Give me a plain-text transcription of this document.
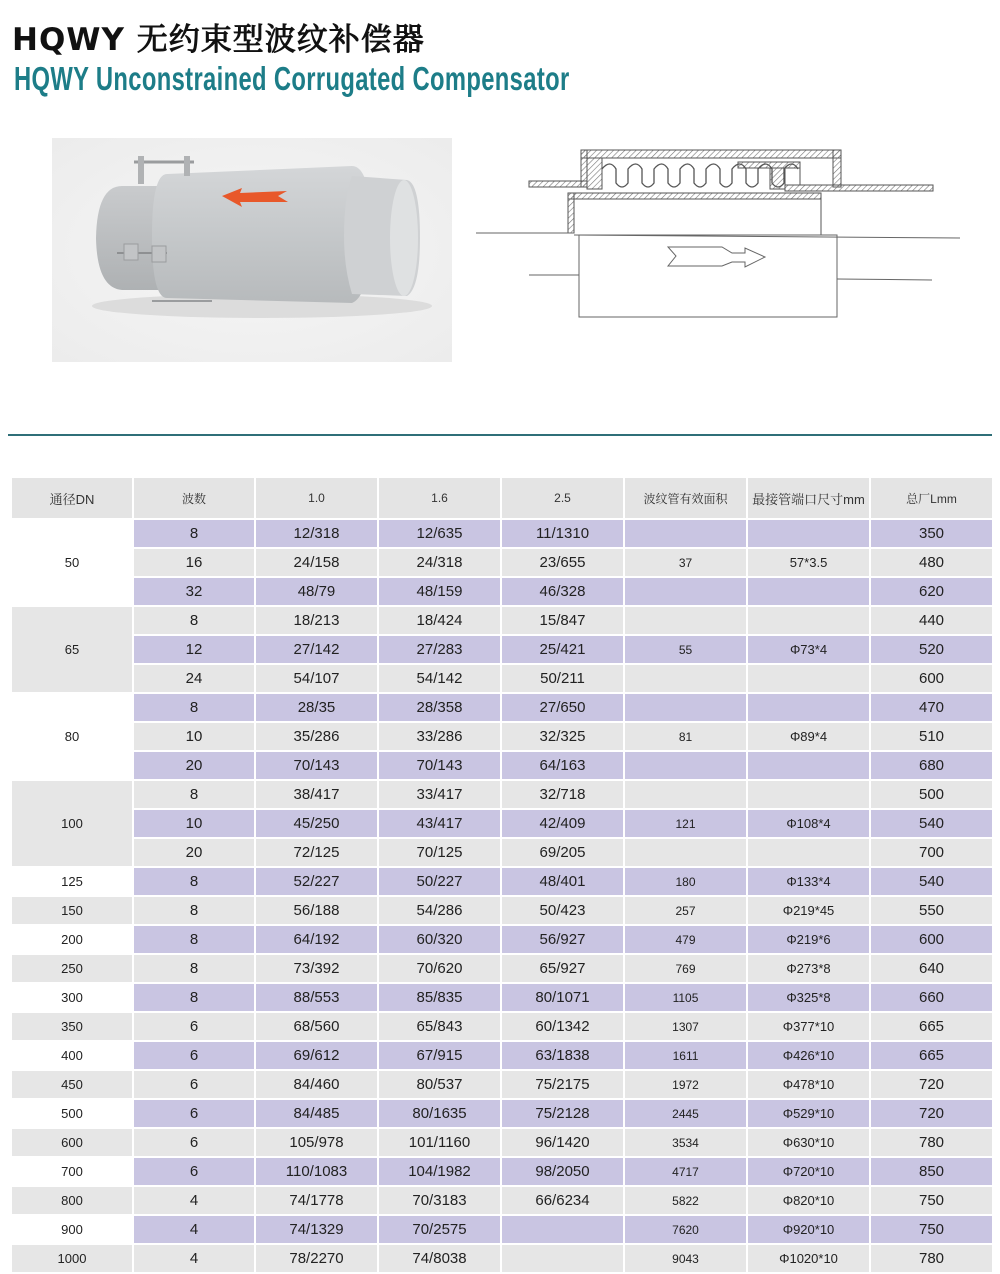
HQWY 无约束型波纹补偿器
HQWY Unconstrained Corrugated Compensator
通径DN	波数	1.0	1.6	2.5	波纹管有效面积	最接管端口尺寸mm	总厂Lmm
50	8	12/318	12/635	11/1310			350
	16	24/158	24/318	23/655	37	57*3.5	480
	32	48/79	48/159	46/328			620
65	8	18/213	18/424	15/847			440
	12	27/142	27/283	25/421	55	Φ73*4	520
	24	54/107	54/142	50/211			600
80	8	28/35	28/358	27/650			470
	10	35/286	33/286	32/325	81	Φ89*4	510
	20	70/143	70/143	64/163			680
100	8	38/417	33/417	32/718			500
	10	45/250	43/417	42/409	121	Φ108*4	540
	20	72/125	70/125	69/205			700
125	8	52/227	50/227	48/401	180	Φ133*4	540
150	8	56/188	54/286	50/423	257	Φ219*45	550
200	8	64/192	60/320	56/927	479	Φ219*6	600
250	8	73/392	70/620	65/927	769	Φ273*8	640
300	8	88/553	85/835	80/1071	1105	Φ325*8	660
350	6	68/560	65/843	60/1342	1307	Φ377*10	665
400	6	69/612	67/915	63/1838	1611	Φ426*10	665
450	6	84/460	80/537	75/2175	1972	Φ478*10	720
500	6	84/485	80/1635	75/2128	2445	Φ529*10	720
600	6	105/978	101/1160	96/1420	3534	Φ630*10	780
700	6	110/1083	104/1982	98/2050	4717	Φ720*10	850
800	4	74/1778	70/3183	66/6234	5822	Φ820*10	750
900	4	74/1329	70/2575		7620	Φ920*10	750
1000	4	78/2270	74/8038		9043	Φ1020*10	780
